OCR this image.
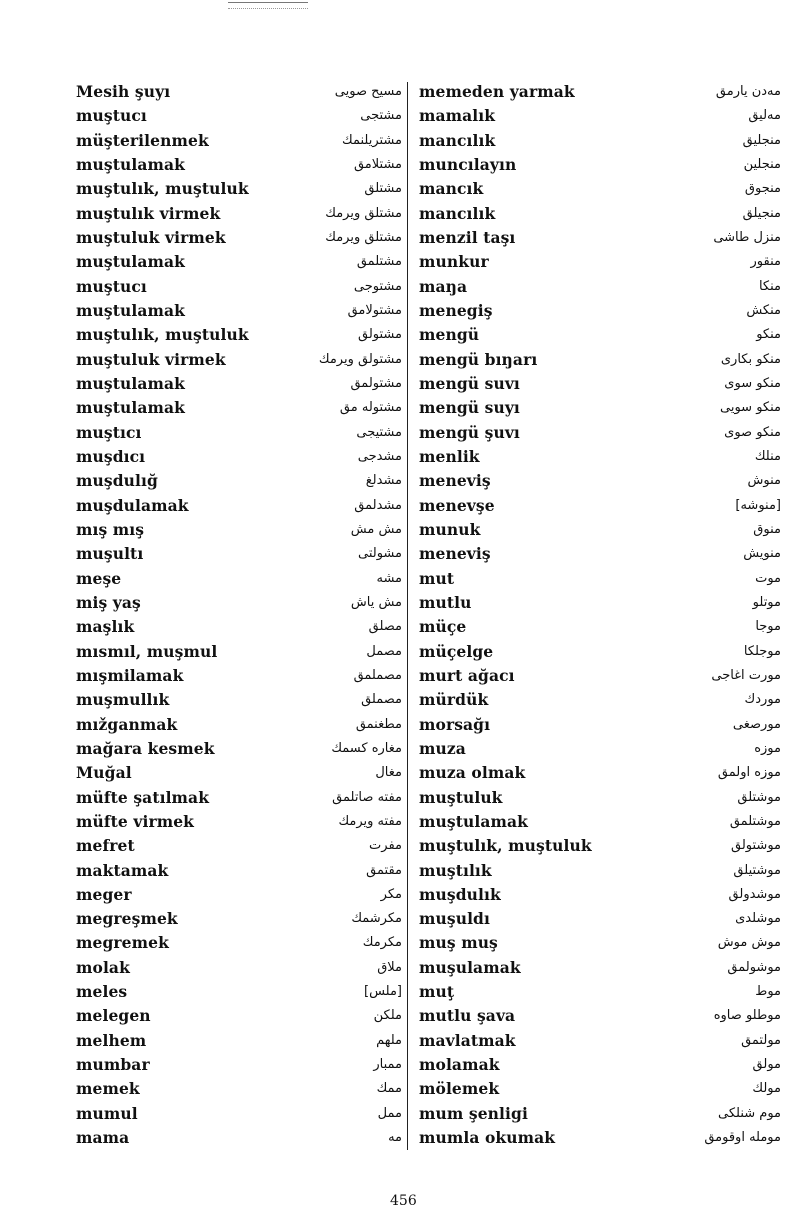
Mesih şuyı	مسیح صویی
muştucı	مشتجی
müşterilenmek	مشتریلنمك
muştulamak	مشتلامق
muştulık, muştuluk	مشتلق
muştulık virmek	مشتلق ویرمك
muştuluk virmek	مشتلق ویرمك
muştulamak	مشتلمق
muştucı	مشتوجی
muştulamak	مشتولامق
muştulık, muştuluk	مشتولق
muştuluk virmek	مشتولق ویرمك
muştulamak	مشتولمق
muştulamak	مشتوله مق
muştıcı	مشتیجی
muşdıcı	مشدجی
muşdulığ	مشدلغ
muşdulamak	مشدلمق
mış mış	مش مش
muşultı	مشولتی
meşe	مشه
miş yaş	مش یاش
maşlık	مصلق
mısmıl, muşmul	مصمل
mışmilamak	مصملمق
muşmullık	مصملق
mıžganmak	مطغنمق
mağara kesmek	مغاره كسمك
Muğal	مغال
müfte şatılmak	مفته صاتلمق
müfte virmek	مفته ویرمك
mefret	مفرت
maktamak	مقتمق
meger	مكر
megreşmek	مكرشمك
megremek	مكرمك
molak	ملاق
meles	[ملس]
melegen	ملكن
melhem	ملهم
mumbar	ممبار
memek	ممك
mumul	ممل
mama	مه
memeden yarmak	مه‌دن یارمق
mamalık	مه‌لیق
mancılık	منجلیق
muncılayın	منجلین
mancık	منجوق
mancılık	منجیلق
menzil taşı	منزل طاشی
munkur	منقور
maŋa	منكا
menegiş	منكش
mengü	منكو
mengü bıŋarı	منكو بكاری
mengü suvı	منكو سوی
mengü suyı	منكو سویی
mengü şuvı	منكو صوی
menlik	منلك
meneviş	منوش
menevşe	[منوشه]
munuk	منوق
meneviş	منویش
mut	موت
mutlu	موتلو
müçe	موجا
müçelge	موجلكا
murt ağacı	مورت اغاجی
mürdük	موردك
morsağı	مورصغی
muza	موزه
muza olmak	موزه اولمق
muştuluk	موشتلق
muştulamak	موشتلمق
muştulık, muştuluk	موشتولق
muştılık	موشتیلق
muşdulık	موشدولق
muşuldı	موشلدی
muş muş	موش موش
muşulamak	موشولمق
muţ	موط
mutlu şava	موطلو صاوه
mavlatmak	مولتمق
molamak	مولق
mölemek	مولك
mum şenligi	موم شنلكی
mumla okumak	مومله اوقومق
456
